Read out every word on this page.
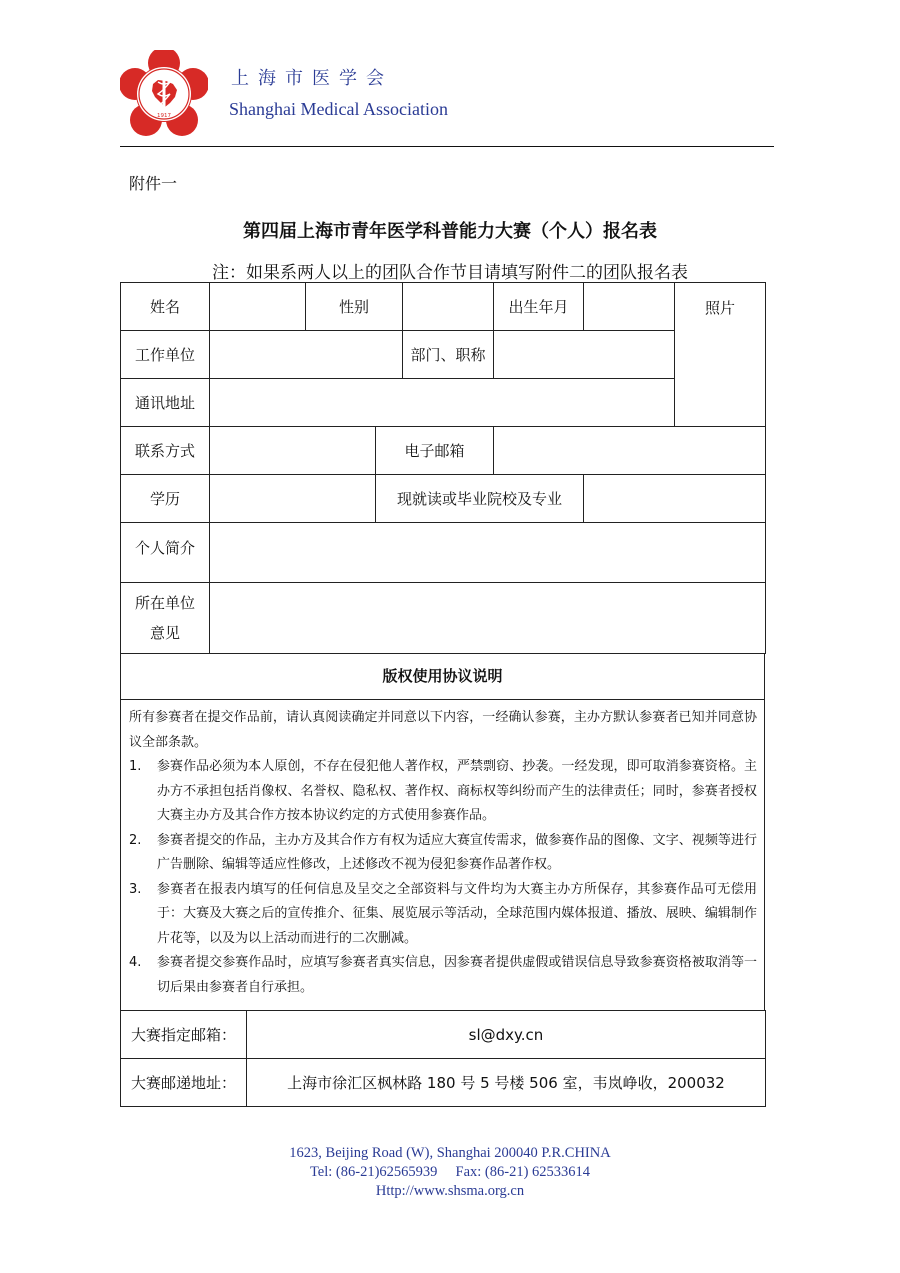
1917
上海市医学会
Shanghai Medical Association
附件一
第四届上海市青年医学科普能力大赛（个人）报名表
注：如果系两人以上的团队合作节目请填写附件二的团队报名表
姓名		性别			出生年月		照片
工作单位				部门、职称			
通讯地址							
联系方式			电子邮箱				
学历			现就读或毕业院校及专业				
个人简介							
所在单位
意见							
版权使用协议说明

所有参赛者在提交作品前，请认真阅读确定并同意以下内容，一经确认参赛，主办方默认参赛者已知并同意协议全部条款。

1. 参赛作品必须为本人原创，不存在侵犯他人著作权，严禁剽窃、抄袭。一经发现，即可取消参赛资格。主办方不承担包括肖像权、名誉权、隐私权、著作权、商标权等纠纷而产生的法律责任；同时，参赛者授权大赛主办方及其合作方按本协议约定的方式使用参赛作品。
2. 参赛者提交的作品，主办方及其合作方有权为适应大赛宣传需求，做参赛作品的图像、文字、视频等进行广告删除、编辑等适应性修改，上述修改不视为侵犯参赛作品著作权。
3. 参赛者在报表内填写的任何信息及呈交之全部资料与文件均为大赛主办方所保存，其参赛作品可无偿用于：大赛及大赛之后的宣传推介、征集、展览展示等活动，全球范围内媒体报道、播放、展映、编辑制作片花等，以及为以上活动而进行的二次删减。
4. 参赛者提交参赛作品时，应填写参赛者真实信息，因参赛者提供虚假或错误信息导致参赛资格被取消等一切后果由参赛者自行承担。
大赛指定邮箱：	sl@dxy.cn
大赛邮递地址：	上海市徐汇区枫林路 180 号 5 号楼 506 室，韦岚峥收，200032
1623, Beijing Road (W), Shanghai 200040 P.R.CHINA
Tel: (86-21)62565939     Fax: (86-21) 62533614
Http://www.shsma.org.cn
